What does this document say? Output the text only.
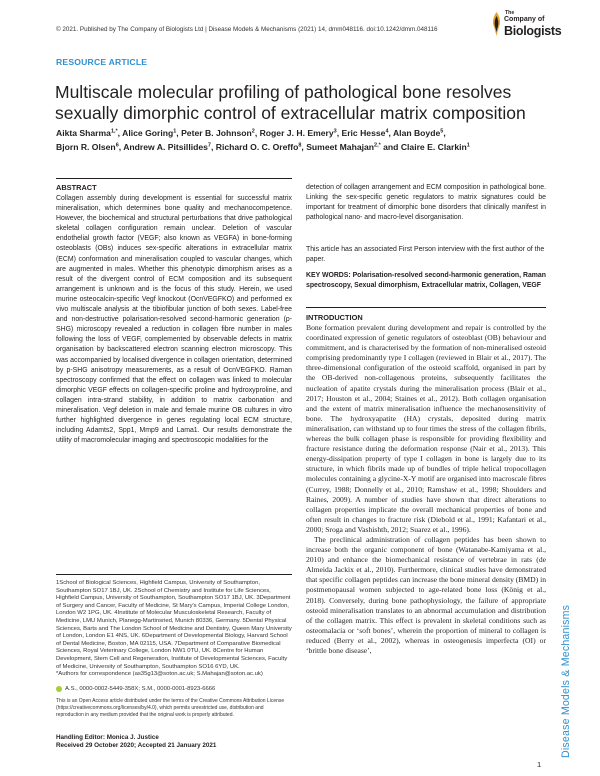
© 2021. Published by The Company of Biologists Ltd | Disease Models & Mechanisms (2021) 14, dmm048116. doi:10.1242/dmm.048116
The
Company of
Biologists
RESOURCE ARTICLE
Multiscale molecular profiling of pathological bone resolves sexually dimorphic control of extracellular matrix composition
Aikta Sharma$^{1,*}$, Alice Goring$^1$, Peter B. Johnson$^2$, Roger J. H. Emery$^3$, Eric Hesse$^4$, Alan Boyde$^5$,
Bjorn R. Olsen$^6$, Andrew A. Pitsillides$^7$, Richard O. C. Oreffo$^8$, Sumeet Mahajan$^{2,*}$ and Claire E. Clarkin$^1$
ABSTRACT
Collagen assembly during development is essential for successful matrix mineralisation, which determines bone quality and mechanocompetence. However, the biochemical and structural perturbations that drive pathological skeletal collagen configuration remain unclear. Deletion of vascular endothelial growth factor (VEGF; also known as VEGFA) in bone-forming osteoblasts (OBs) induces sex-specific alterations in extracellular matrix (ECM) conformation and mineralisation coupled to vascular changes, which are augmented in males. Whether this phenotypic dimorphism arises as a result of the divergent control of ECM composition and its subsequent arrangement is unknown and is the focus of this study. Herein, we used murine osteocalcin-specific Vegf knockout (OcnVEGFKO) and performed ex vivo multiscale analysis at the tibiofibular junction of both sexes. Label-free and non-destructive polarisation-resolved second-harmonic generation (p-SHG) microscopy revealed a reduction in collagen fibre number in males following the loss of VEGF, complemented by observable defects in matrix organisation by backscattered electron scanning electron microscopy. This was accompanied by localised divergence in collagen orientation, determined by p-SHG anisotropy measurements, as a result of OcnVEGFKO. Raman spectroscopy confirmed that the effect on collagen was linked to molecular dimorphic VEGF effects on collagen-specific proline and hydroxyproline, and collagen intra-strand stability, in addition to matrix carbonation and mineralisation. Vegf deletion in male and female murine OB cultures in vitro further highlighted divergence in genes regulating local ECM structure, including Adamts2, Spp1, Mmp9 and Lama1. Our results demonstrate the utility of macromolecular imaging and spectroscopic modalities for the
detection of collagen arrangement and ECM composition in pathological bone. Linking the sex-specific genetic regulators to matrix signatures could be important for treatment of dimorphic bone disorders that clinically manifest in pathological nano- and macro-level disorganisation.
This article has an associated First Person interview with the first author of the paper.
KEY WORDS: Polarisation-resolved second-harmonic generation, Raman spectroscopy, Sexual dimorphism, Extracellular matrix, Collagen, VEGF
INTRODUCTION

Bone formation prevalent during development and repair is controlled by the coordinated expression of genetic regulators of osteoblast (OB) behaviour and commitment, and is characterised by the formation of non-mineralised osteoid comprising predominantly type I collagen (reviewed in Blair et al., 2017). The three-dimensional configuration of the osteoid scaffold, organised in part by the OB-derived non-collagenous proteins, subsequently facilitates the nucleation of apatite crystals during the mineralisation process (Blair et al., 2017; Houston et al., 2004; Staines et al., 2012). Both collagen organisation and the extent of matrix mineralisation influence the mechanosensitivity of bone. The hydroxyapatite (HA) crystals, deposited during matrix mineralisation, can withstand up to four times the stress of the collagen fibrils, whereas the bulk collagen phase is responsible for providing flexibility and fracture resistance during the deformation response (Nair et al., 2013). This energy-dissipation property of type I collagen in bone is largely due to its structure, in which fibrils made up of bundles of triple helical tropocollagen molecules containing a glycine-X-Y motif are organised into macroscale fibres (Currey, 1988; Donnelly et al., 2010; Ramshaw et al., 1998; Shoulders and Raines, 2009). A number of studies have shown that direct alterations to collagen properties implicate the overall mechanical properties of bone and often result in changes to fracture risk (Diebold et al., 1991; Kafantari et al., 2000; Sroga and Vashishth, 2012; Suarez et al., 1996).

The preclinical administration of collagen peptides has been shown to increase both the organic component of bone (Watanabe-Kamiyama et al., 2010) and enhance the biomechanical resistance of vertebrae in rats (de Almeida Jackix et al., 2010). Furthermore, clinical studies have demonstrated that specific collagen peptides can increase the bone mineral density (BMD) in postmenopausal women subjected to age-related bone loss (König et al., 2018). Conversely, during bone pathophysiology, the failure of appropriate osteoid mineralisation translates to an abnormal accumulation and distribution of the collagen matrix. This effect is prevalent in skeletal conditions such as osteomalacia or ‘soft bones’, wherein the proportion of mineral to collagen is reduced (Berry et al., 2002), whereas in osteogenesis imperfecta (OI) or ‘brittle bone disease’,

1School of Biological Sciences, Highfield Campus, University of Southampton, Southampton SO17 1BJ, UK. 2School of Chemistry and Institute for Life Sciences, Highfield Campus, University of Southampton, Southampton SO17 1BJ, UK. 3Department of Surgery and Cancer, Faculty of Medicine, St Mary's Campus, Imperial College London, London W2 1PG, UK. 4Institute of Molecular Musculoskeletal Research, Faculty of Medicine, LMU Munich, Planegg-Martinsried, Munich 80336, Germany. 5Dental Physical Sciences, Barts and The London School of Medicine and Dentistry, Queen Mary University of London, London E1 4NS, UK. 6Department of Developmental Biology, Harvard School of Dental Medicine, Boston, MA 02115, USA. 7Department of Comparative Biomedical Sciences, Royal Veterinary College, London NW1 0TU, UK. 8Centre for Human Development, Stem Cell and Regeneration, Institute of Developmental Sciences, Faculty of Medicine, University of Southampton, Southampton SO16 6YD, UK.
*Authors for correspondence (as35g13@soton.ac.uk; S.Mahajan@soton.ac.uk)
A.S., 0000-0002-5449-358X; S.M., 0000-0001-8923-6666
This is an Open Access article distributed under the terms of the Creative Commons Attribution License (https://creativecommons.org/licenses/by/4.0), which permits unrestricted use, distribution and reproduction in any medium provided that the original work is properly attributed.
Handling Editor: Monica J. Justice
Received 29 October 2020; Accepted 21 January 2021	Disease Models & Mechanisms
1
